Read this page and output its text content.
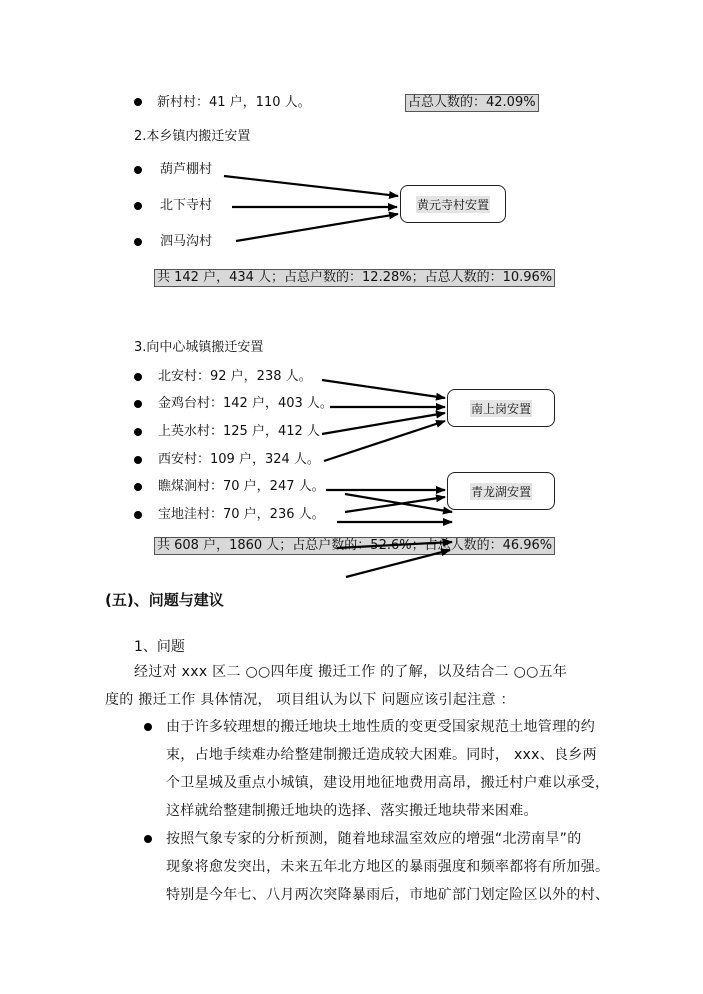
新村村：41 户，110 人。	占总人数的：42.09%
2.本乡镇内搬迁安置
葫芦棚村
北下寺村
泗马沟村
黄元寺村安置
共 142 户，434 人；占总户数的：12.28%；占总人数的：10.96%
3.向中心城镇搬迁安置
北安村：92 户，238 人。
金鸡台村：142 户，403 人。
上英水村：125 户，412 人
西安村：109 户，324 人。
瞧煤涧村：70 户，247 人。
宝地洼村：70 户，236 人。
南上岗安置
青龙湖安置
共 608 户，1860 人；占总户数的：52.6%；占总人数的：46.96%
(五)、问题与建议
1、问题
经过对 xxx 区二 ○○四年度 搬迁工作 的了解，以及结合二 ○○五年
度的 搬迁工作 具体情况， 项目组认为以下 问题应该引起注意 ：
由于许多较理想的搬迁地块土地性质的变更受国家规范土地管理的约
束，占地手续难办给整建制搬迁造成较大困难。同时， xxx、良乡两
个卫星城及重点小城镇，建设用地征地费用高昂，搬迁村户难以承受，
这样就给整建制搬迁地块的选择、落实搬迁地块带来困难。
按照气象专家的分析预测，随着地球温室效应的增强“北涝南旱”的
现象将愈发突出，未来五年北方地区的暴雨强度和频率都将有所加强。
特别是今年七、八月两次突降暴雨后，市地矿部门划定险区以外的村、
